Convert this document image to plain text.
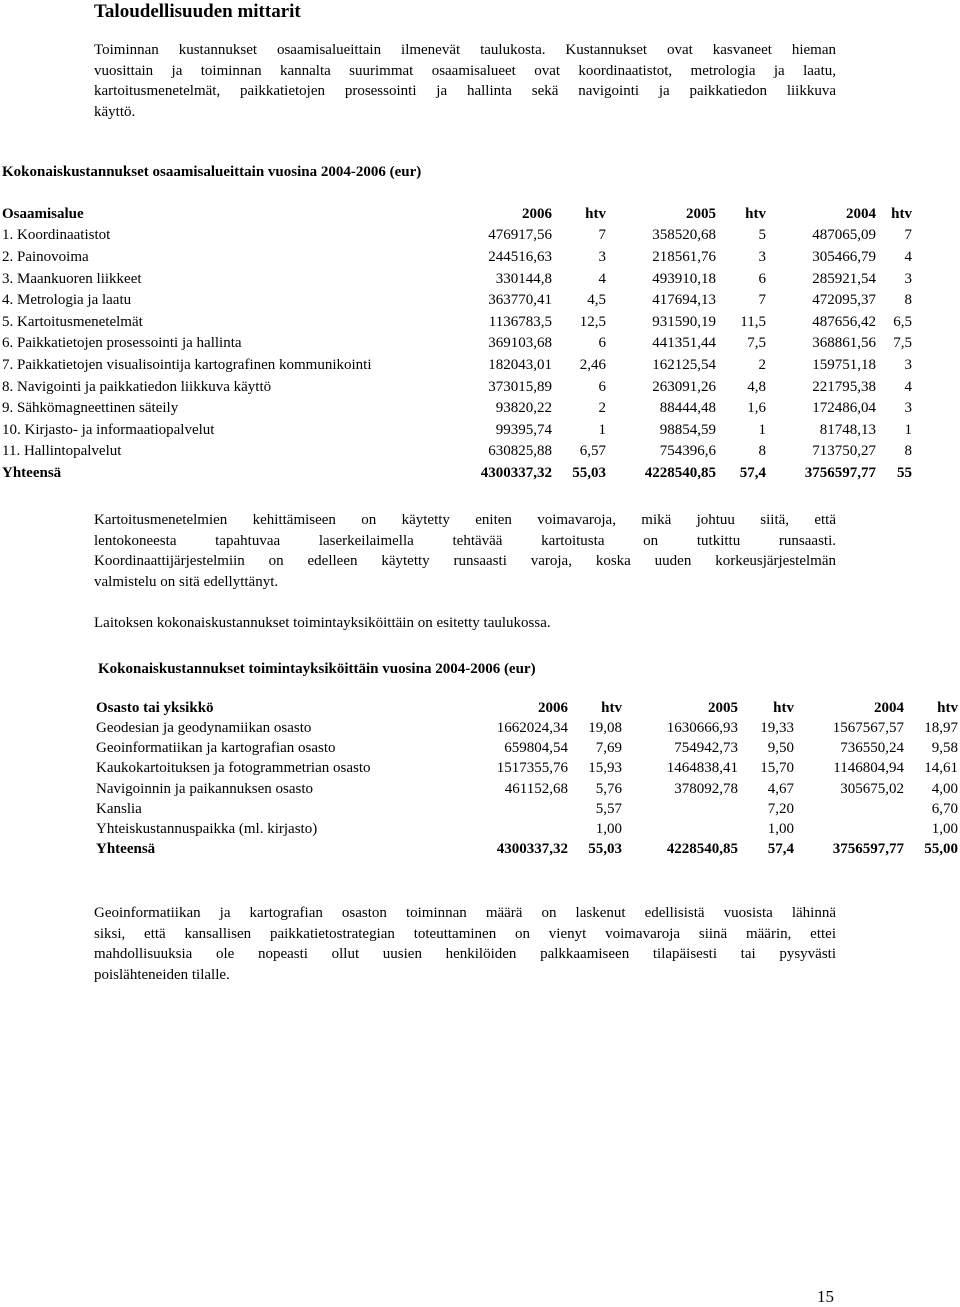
Taloudellisuuden mittarit
Toiminnan kustannukset osaamisalueittain ilmenevät taulukosta. Kustannukset ovat kasvaneet hieman
vuosittain ja toiminnan kannalta suurimmat osaamisalueet ovat koordinaatistot, metrologia ja laatu,
kartoitusmenetelmät, paikkatietojen prosessointi ja hallinta sekä navigointi ja paikkatiedon liikkuva
käyttö.
Kokonaiskustannukset osaamisalueittain vuosina 2004-2006 (eur)
Osaamisalue	2006	htv	2005	htv	2004	htv
1. Koordinaatistot	476917,56	7	358520,68	5	487065,09	7
2. Painovoima	244516,63	3	218561,76	3	305466,79	4
3. Maankuoren liikkeet	330144,8	4	493910,18	6	285921,54	3
4. Metrologia ja laatu	363770,41	4,5	417694,13	7	472095,37	8
5. Kartoitusmenetelmät	1136783,5	12,5	931590,19	11,5	487656,42	6,5
6. Paikkatietojen prosessointi ja hallinta	369103,68	6	441351,44	7,5	368861,56	7,5
7. Paikkatietojen visualisointija kartografinen kommunikointi	182043,01	2,46	162125,54	2	159751,18	3
8. Navigointi ja paikkatiedon liikkuva käyttö	373015,89	6	263091,26	4,8	221795,38	4
9. Sähkömagneettinen säteily	93820,22	2	88444,48	1,6	172486,04	3
10. Kirjasto- ja informaatiopalvelut	99395,74	1	98854,59	1	81748,13	1
11. Hallintopalvelut	630825,88	6,57	754396,6	8	713750,27	8
Yhteensä	4300337,32	55,03	4228540,85	57,4	3756597,77	55
Kartoitusmenetelmien kehittämiseen on käytetty eniten voimavaroja, mikä johtuu siitä, että
lentokoneesta tapahtuvaa laserkeilaimella tehtävää kartoitusta on tutkittu runsaasti.
Koordinaattijärjestelmiin on edelleen käytetty runsaasti varoja, koska uuden korkeusjärjestelmän
valmistelu on sitä edellyttänyt.
Laitoksen kokonaiskustannukset toimintayksiköittäin on esitetty taulukossa.
Kokonaiskustannukset toimintayksiköittäin vuosina 2004-2006 (eur)
Osasto tai yksikkö	2006	htv	2005	htv	2004	htv
Geodesian ja geodynamiikan osasto	1662024,34	19,08	1630666,93	19,33	1567567,57	18,97
Geoinformatiikan ja kartografian osasto	659804,54	7,69	754942,73	9,50	736550,24	9,58
Kaukokartoituksen ja fotogrammetrian osasto	1517355,76	15,93	1464838,41	15,70	1146804,94	14,61
Navigoinnin ja paikannuksen osasto	461152,68	5,76	378092,78	4,67	305675,02	4,00
Kanslia		5,57		7,20		6,70
Yhteiskustannuspaikka (ml. kirjasto)		1,00		1,00		1,00
Yhteensä	4300337,32	55,03	4228540,85	57,4	3756597,77	55,00
Geoinformatiikan ja kartografian osaston toiminnan määrä on laskenut edellisistä vuosista lähinnä
siksi, että kansallisen paikkatietostrategian toteuttaminen on vienyt voimavaroja siinä määrin, ettei
mahdollisuuksia ole nopeasti ollut uusien henkilöiden palkkaamiseen tilapäisesti tai pysyvästi
poislähteneiden tilalle.
15
